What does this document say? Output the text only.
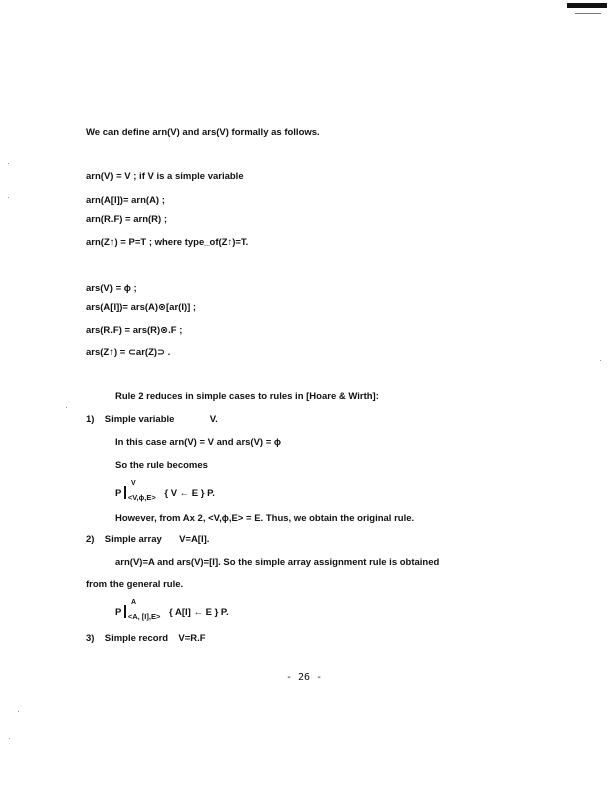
We can define arn(V) and ars(V) formally as follows.
arn(V) = V ; if V is a simple variable
arn(A[I])= arn(A) ;
arn(R.F) = arn(R) ;
arn(Z↑) = P=T ; where type_of(Z↑)=T.
ars(V) = ϕ ;
ars(A[I])= ars(A)⊗[ar(I)] ;
ars(R.F) = ars(R)⊗.F ;
ars(Z↑) = ⊂ar(Z)⊃ .
Rule 2 reduces in simple cases to rules in [Hoare & Wirth]:
1) Simple variable	V.
In this case arn(V) = V and ars(V) = ϕ
So the rule becomes
P
V
$_{<V,\phi,E>}$ { V ← E } P.
However, from Ax 2, <V,ϕ,E> = E. Thus, we obtain the original rule.
2) Simple array V=A[I].
arn(V)=A and ars(V)=[I]. So the simple array assignment rule is obtained
from the general rule.
P
A
$_{<A, [I],E>}$ { A[I] ← E } P.
3) Simple record V=R.F
- 26 -
